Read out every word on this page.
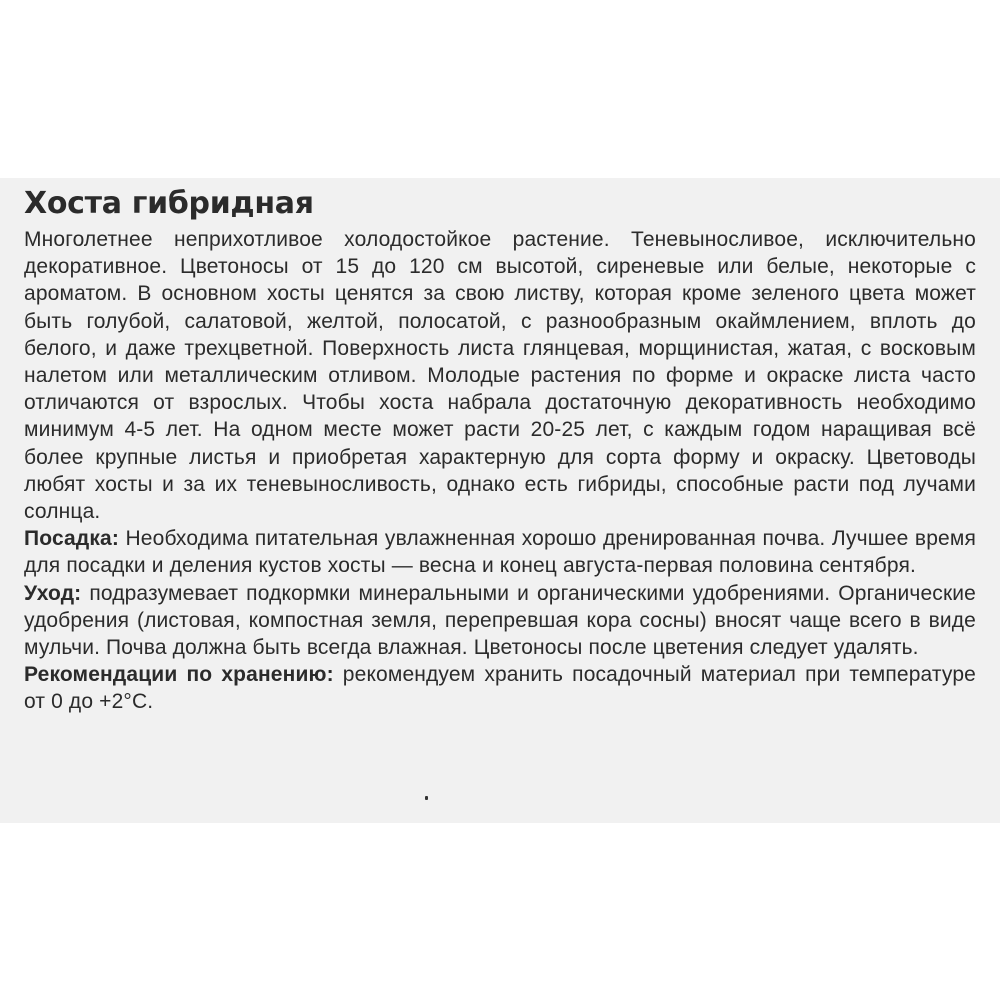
Хоста гибридная

Многолетнее неприхотливое холодостойкое растение. Теневыносливое, исключительно декоративное. Цветоносы от 15 до 120 см высотой, сиреневые или белые, некоторые с ароматом. В основном хосты ценятся за свою листву, которая кроме зеленого цвета может быть голубой, салатовой, желтой, полосатой, с разнообразным окаймлением, вплоть до белого, и даже трехцветной. Поверхность листа глянцевая, морщинистая, жатая, с восковым налетом или металлическим отливом. Молодые растения по форме и окраске листа часто отличаются от взрослых. Чтобы хоста набрала достаточную декоративность необходимо минимум 4-5 лет. На одном месте может расти 20-25 лет, с каждым годом наращивая всё более крупные листья и приобретая характерную для сорта форму и окраску. Цветоводы любят хосты и за их теневыносливость, однако есть гибриды, способные расти под лучами солнца.

Посадка: Необходима питательная увлажненная хорошо дренированная почва. Лучшее время для посадки и деления кустов хосты — весна и конец августа-первая половина сентября.

Уход: подразумевает подкормки минеральными и органическими удобрениями. Органические удобрения (листовая, компостная земля, перепревшая кора сосны) вносят чаще всего в виде мульчи. Почва должна быть всегда влажная. Цветоносы после цветения следует удалять.

Рекомендации по хранению: рекомендуем хранить посадочный материал при температуре от 0 до +2°C.
